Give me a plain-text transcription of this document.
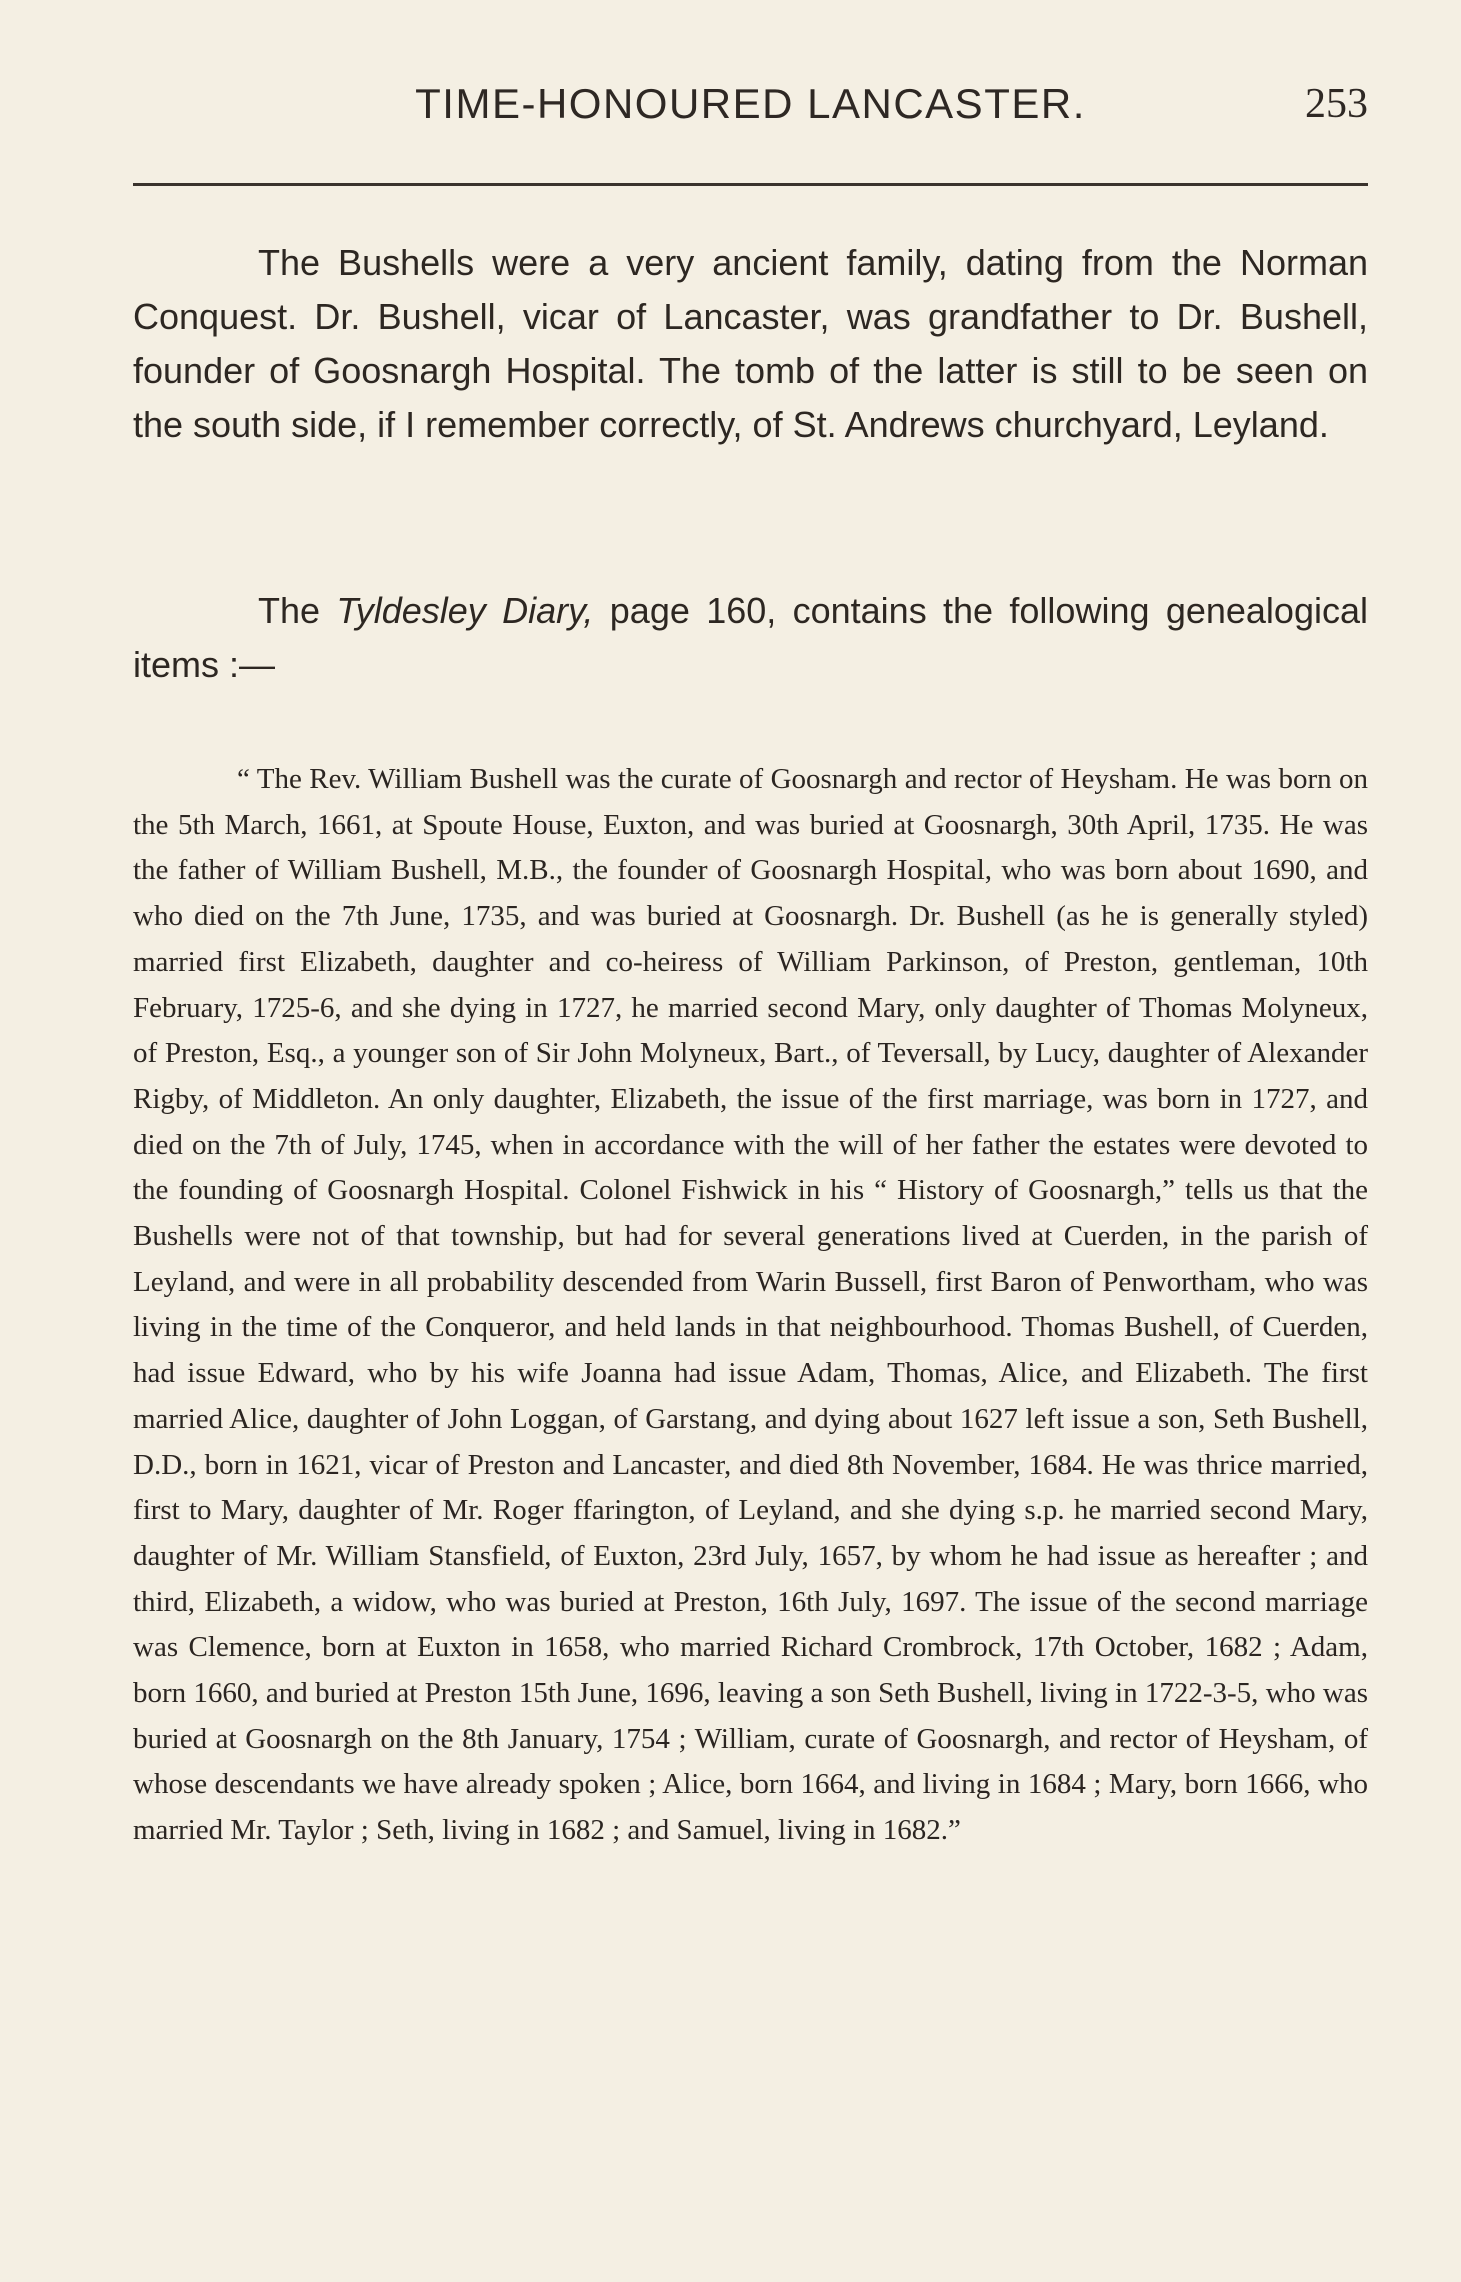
TIME-HONOURED LANCASTER.	253

The Bushells were a very ancient family, dating from the Norman Conquest. Dr. Bushell, vicar of Lancaster, was grandfather to Dr. Bushell, founder of Goosnargh Hospital. The tomb of the latter is still to be seen on the south side, if I remember correctly, of St. Andrews churchyard, Leyland.

The Tyldesley Diary, page 160, contains the following genealogical items :—

“ The Rev. William Bushell was the curate of Goosnargh and rector of Heysham. He was born on the 5th March, 1661, at Spoute House, Euxton, and was buried at Goosnargh, 30th April, 1735. He was the father of William Bushell, M.B., the founder of Goosnargh Hospital, who was born about 1690, and who died on the 7th June, 1735, and was buried at Goosnargh. Dr. Bushell (as he is generally styled) married first Elizabeth, daughter and co-heiress of William Parkinson, of Preston, gentleman, 10th February, 1725-6, and she dying in 1727, he married second Mary, only daughter of Thomas Molyneux, of Preston, Esq., a younger son of Sir John Molyneux, Bart., of Teversall, by Lucy, daughter of Alexander Rigby, of Middleton. An only daughter, Elizabeth, the issue of the first marriage, was born in 1727, and died on the 7th of July, 1745, when in accordance with the will of her father the estates were devoted to the founding of Goosnargh Hospital. Colonel Fishwick in his “ History of Goosnargh,” tells us that the Bushells were not of that township, but had for several generations lived at Cuerden, in the parish of Leyland, and were in all probability descended from Warin Bussell, first Baron of Penwortham, who was living in the time of the Conqueror, and held lands in that neighbourhood. Thomas Bushell, of Cuerden, had issue Edward, who by his wife Joanna had issue Adam, Thomas, Alice, and Elizabeth. The first married Alice, daughter of John Loggan, of Garstang, and dying about 1627 left issue a son, Seth Bushell, D.D., born in 1621, vicar of Preston and Lancaster, and died 8th November, 1684. He was thrice married, first to Mary, daughter of Mr. Roger ffarington, of Leyland, and she dying s.p. he married second Mary, daughter of Mr. William Stansfield, of Euxton, 23rd July, 1657, by whom he had issue as hereafter ; and third, Elizabeth, a widow, who was buried at Preston, 16th July, 1697. The issue of the second marriage was Clemence, born at Euxton in 1658, who married Richard Crombrock, 17th October, 1682 ; Adam, born 1660, and buried at Preston 15th June, 1696, leaving a son Seth Bushell, living in 1722-3-5, who was buried at Goosnargh on the 8th January, 1754 ; William, curate of Goosnargh, and rector of Heysham, of whose descendants we have already spoken ; Alice, born 1664, and living in 1684 ; Mary, born 1666, who married Mr. Taylor ; Seth, living in 1682 ; and Samuel, living in 1682.”
